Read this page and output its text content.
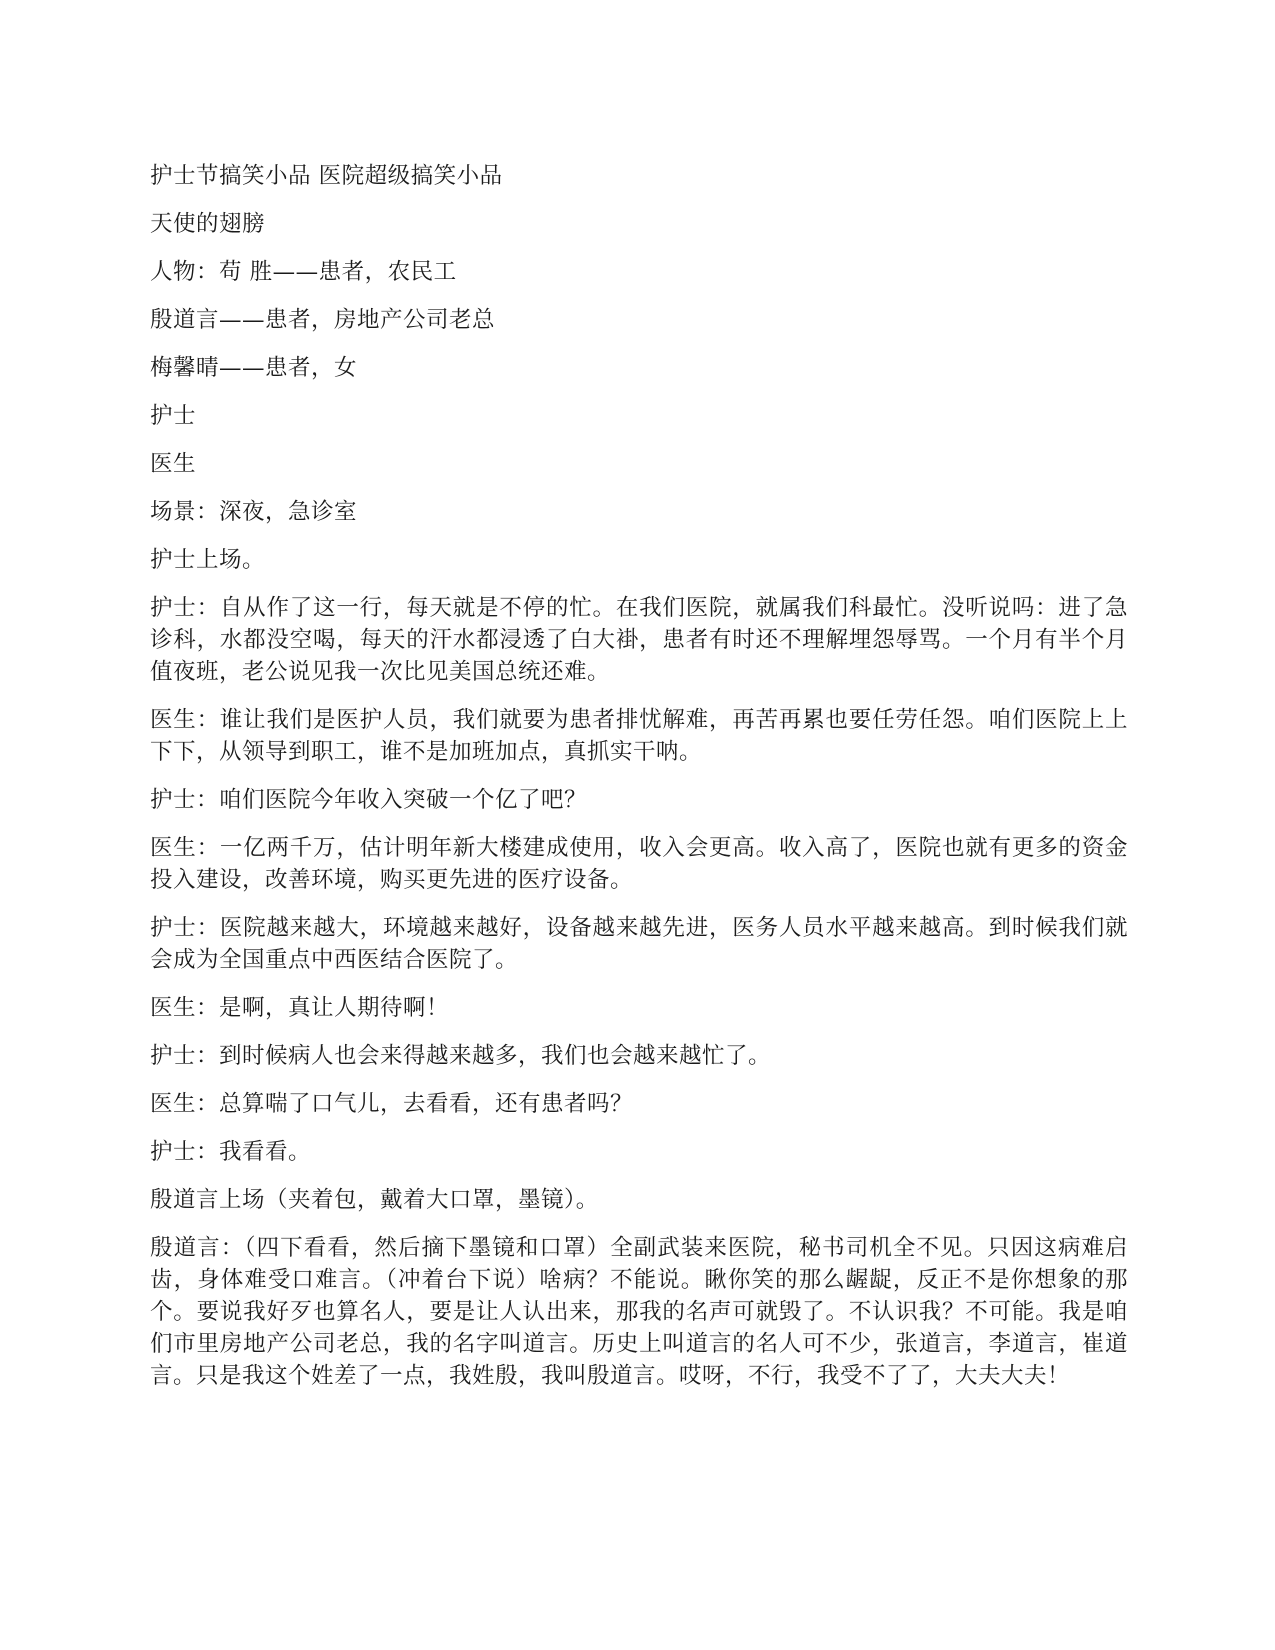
护士节搞笑小品 医院超级搞笑小品

天使的翅膀

人物：苟 胜——患者，农民工

殷道言——患者，房地产公司老总

梅馨晴——患者，女

护士

医生

场景：深夜，急诊室

护士上场。

护士：自从作了这一行，每天就是不停的忙。在我们医院，就属我们科最忙。没听说吗：进了急诊科，水都没空喝，每天的汗水都浸透了白大褂，患者有时还不理解埋怨辱骂。一个月有半个月值夜班，老公说见我一次比见美国总统还难。

医生：谁让我们是医护人员，我们就要为患者排忧解难，再苦再累也要任劳任怨。咱们医院上上下下，从领导到职工，谁不是加班加点，真抓实干呐。

护士：咱们医院今年收入突破一个亿了吧？

医生：一亿两千万，估计明年新大楼建成使用，收入会更高。收入高了，医院也就有更多的资金投入建设，改善环境，购买更先进的医疗设备。

护士：医院越来越大，环境越来越好，设备越来越先进，医务人员水平越来越高。到时候我们就会成为全国重点中西医结合医院了。

医生：是啊，真让人期待啊！

护士：到时候病人也会来得越来越多，我们也会越来越忙了。

医生：总算喘了口气儿，去看看，还有患者吗？

护士：我看看。

殷道言上场（夹着包，戴着大口罩，墨镜）。

殷道言：（四下看看，然后摘下墨镜和口罩）全副武装来医院，秘书司机全不见。只因这病难启齿，身体难受口难言。（冲着台下说）啥病？不能说。瞅你笑的那么龌龊，反正不是你想象的那个。要说我好歹也算名人，要是让人认出来，那我的名声可就毁了。不认识我？不可能。我是咱们市里房地产公司老总，我的名字叫道言。历史上叫道言的名人可不少，张道言，李道言，崔道言。只是我这个姓差了一点，我姓殷，我叫殷道言。哎呀，不行，我受不了了，大夫大夫！
